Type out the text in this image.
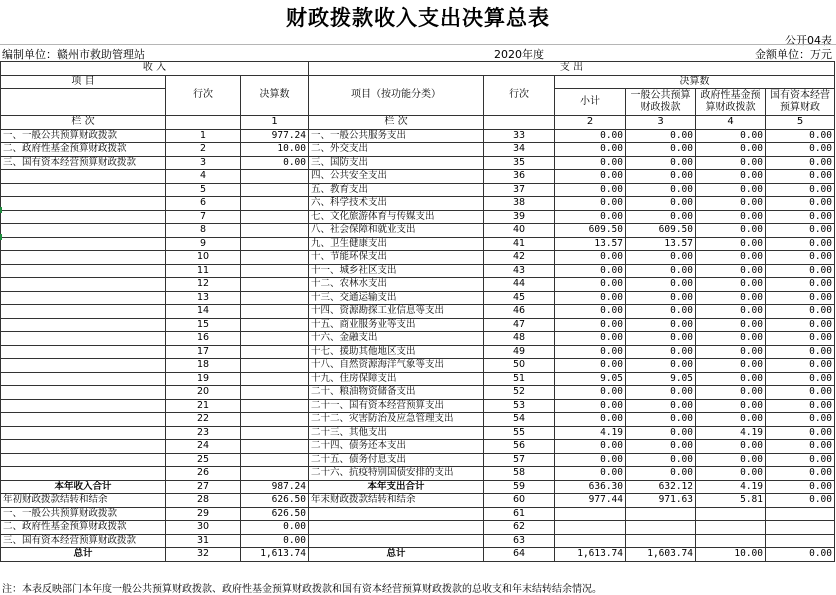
财政拨款收入支出决算总表
公开04表
编制单位：赣州市救助管理站	2020年度	金额单位：万元
收 入			支 出					
项 目	行次	决算数	项目（按功能分类）	行次	决算数			
					小计	一般公共预算财政拨款	政府性基金预算财政拨款	国有资本经营预算财政

栏 次		1	栏 次		2	3	4	5
一、一般公共预算财政拨款	1	977.24	一、一般公共服务支出	33	0.00	0.00	0.00	0.00
二、政府性基金预算财政拨款	2	10.00	二、外交支出	34	0.00	0.00	0.00	0.00
三、国有资本经营预算财政拨款	3	0.00	三、国防支出	35	0.00	0.00	0.00	0.00
	4		四、公共安全支出	36	0.00	0.00	0.00	0.00
	5		五、教育支出	37	0.00	0.00	0.00	0.00
	6		六、科学技术支出	38	0.00	0.00	0.00	0.00
	7		七、文化旅游体育与传媒支出	39	0.00	0.00	0.00	0.00
	8		八、社会保障和就业支出	40	609.50	609.50	0.00	0.00
	9		九、卫生健康支出	41	13.57	13.57	0.00	0.00
	10		十、节能环保支出	42	0.00	0.00	0.00	0.00
	11		十一、城乡社区支出	43	0.00	0.00	0.00	0.00
	12		十二、农林水支出	44	0.00	0.00	0.00	0.00
	13		十三、交通运输支出	45	0.00	0.00	0.00	0.00
	14		十四、资源勘探工业信息等支出	46	0.00	0.00	0.00	0.00
	15		十五、商业服务业等支出	47	0.00	0.00	0.00	0.00
	16		十六、金融支出	48	0.00	0.00	0.00	0.00
	17		十七、援助其他地区支出	49	0.00	0.00	0.00	0.00
	18		十八、自然资源海洋气象等支出	50	0.00	0.00	0.00	0.00
	19		十九、住房保障支出	51	9.05	9.05	0.00	0.00
	20		二十、粮油物资储备支出	52	0.00	0.00	0.00	0.00
	21		二十一、国有资本经营预算支出	53	0.00	0.00	0.00	0.00
	22		二十二、灾害防治及应急管理支出	54	0.00	0.00	0.00	0.00
	23		二十三、其他支出	55	4.19	0.00	4.19	0.00
	24		二十四、债务还本支出	56	0.00	0.00	0.00	0.00
	25		二十五、债务付息支出	57	0.00	0.00	0.00	0.00
	26		二十六、抗疫特别国债安排的支出	58	0.00	0.00	0.00	0.00
本年收入合计	27	987.24	本年支出合计	59	636.30	632.12	4.19	0.00
年初财政拨款结转和结余	28	626.50	年末财政拨款结转和结余	60	977.44	971.63	5.81	0.00
一、一般公共预算财政拨款	29	626.50		61				
二、政府性基金预算财政拨款	30	0.00		62				
三、国有资本经营预算财政拨款	31	0.00		63				
总计	32	1,613.74	总计	64	1,613.74	1,603.74	10.00	0.00
注：本表反映部门本年度一般公共预算财政拨款、政府性基金预算财政拨款和国有资本经营预算财政拨款的总收支和年末结转结余情况。
